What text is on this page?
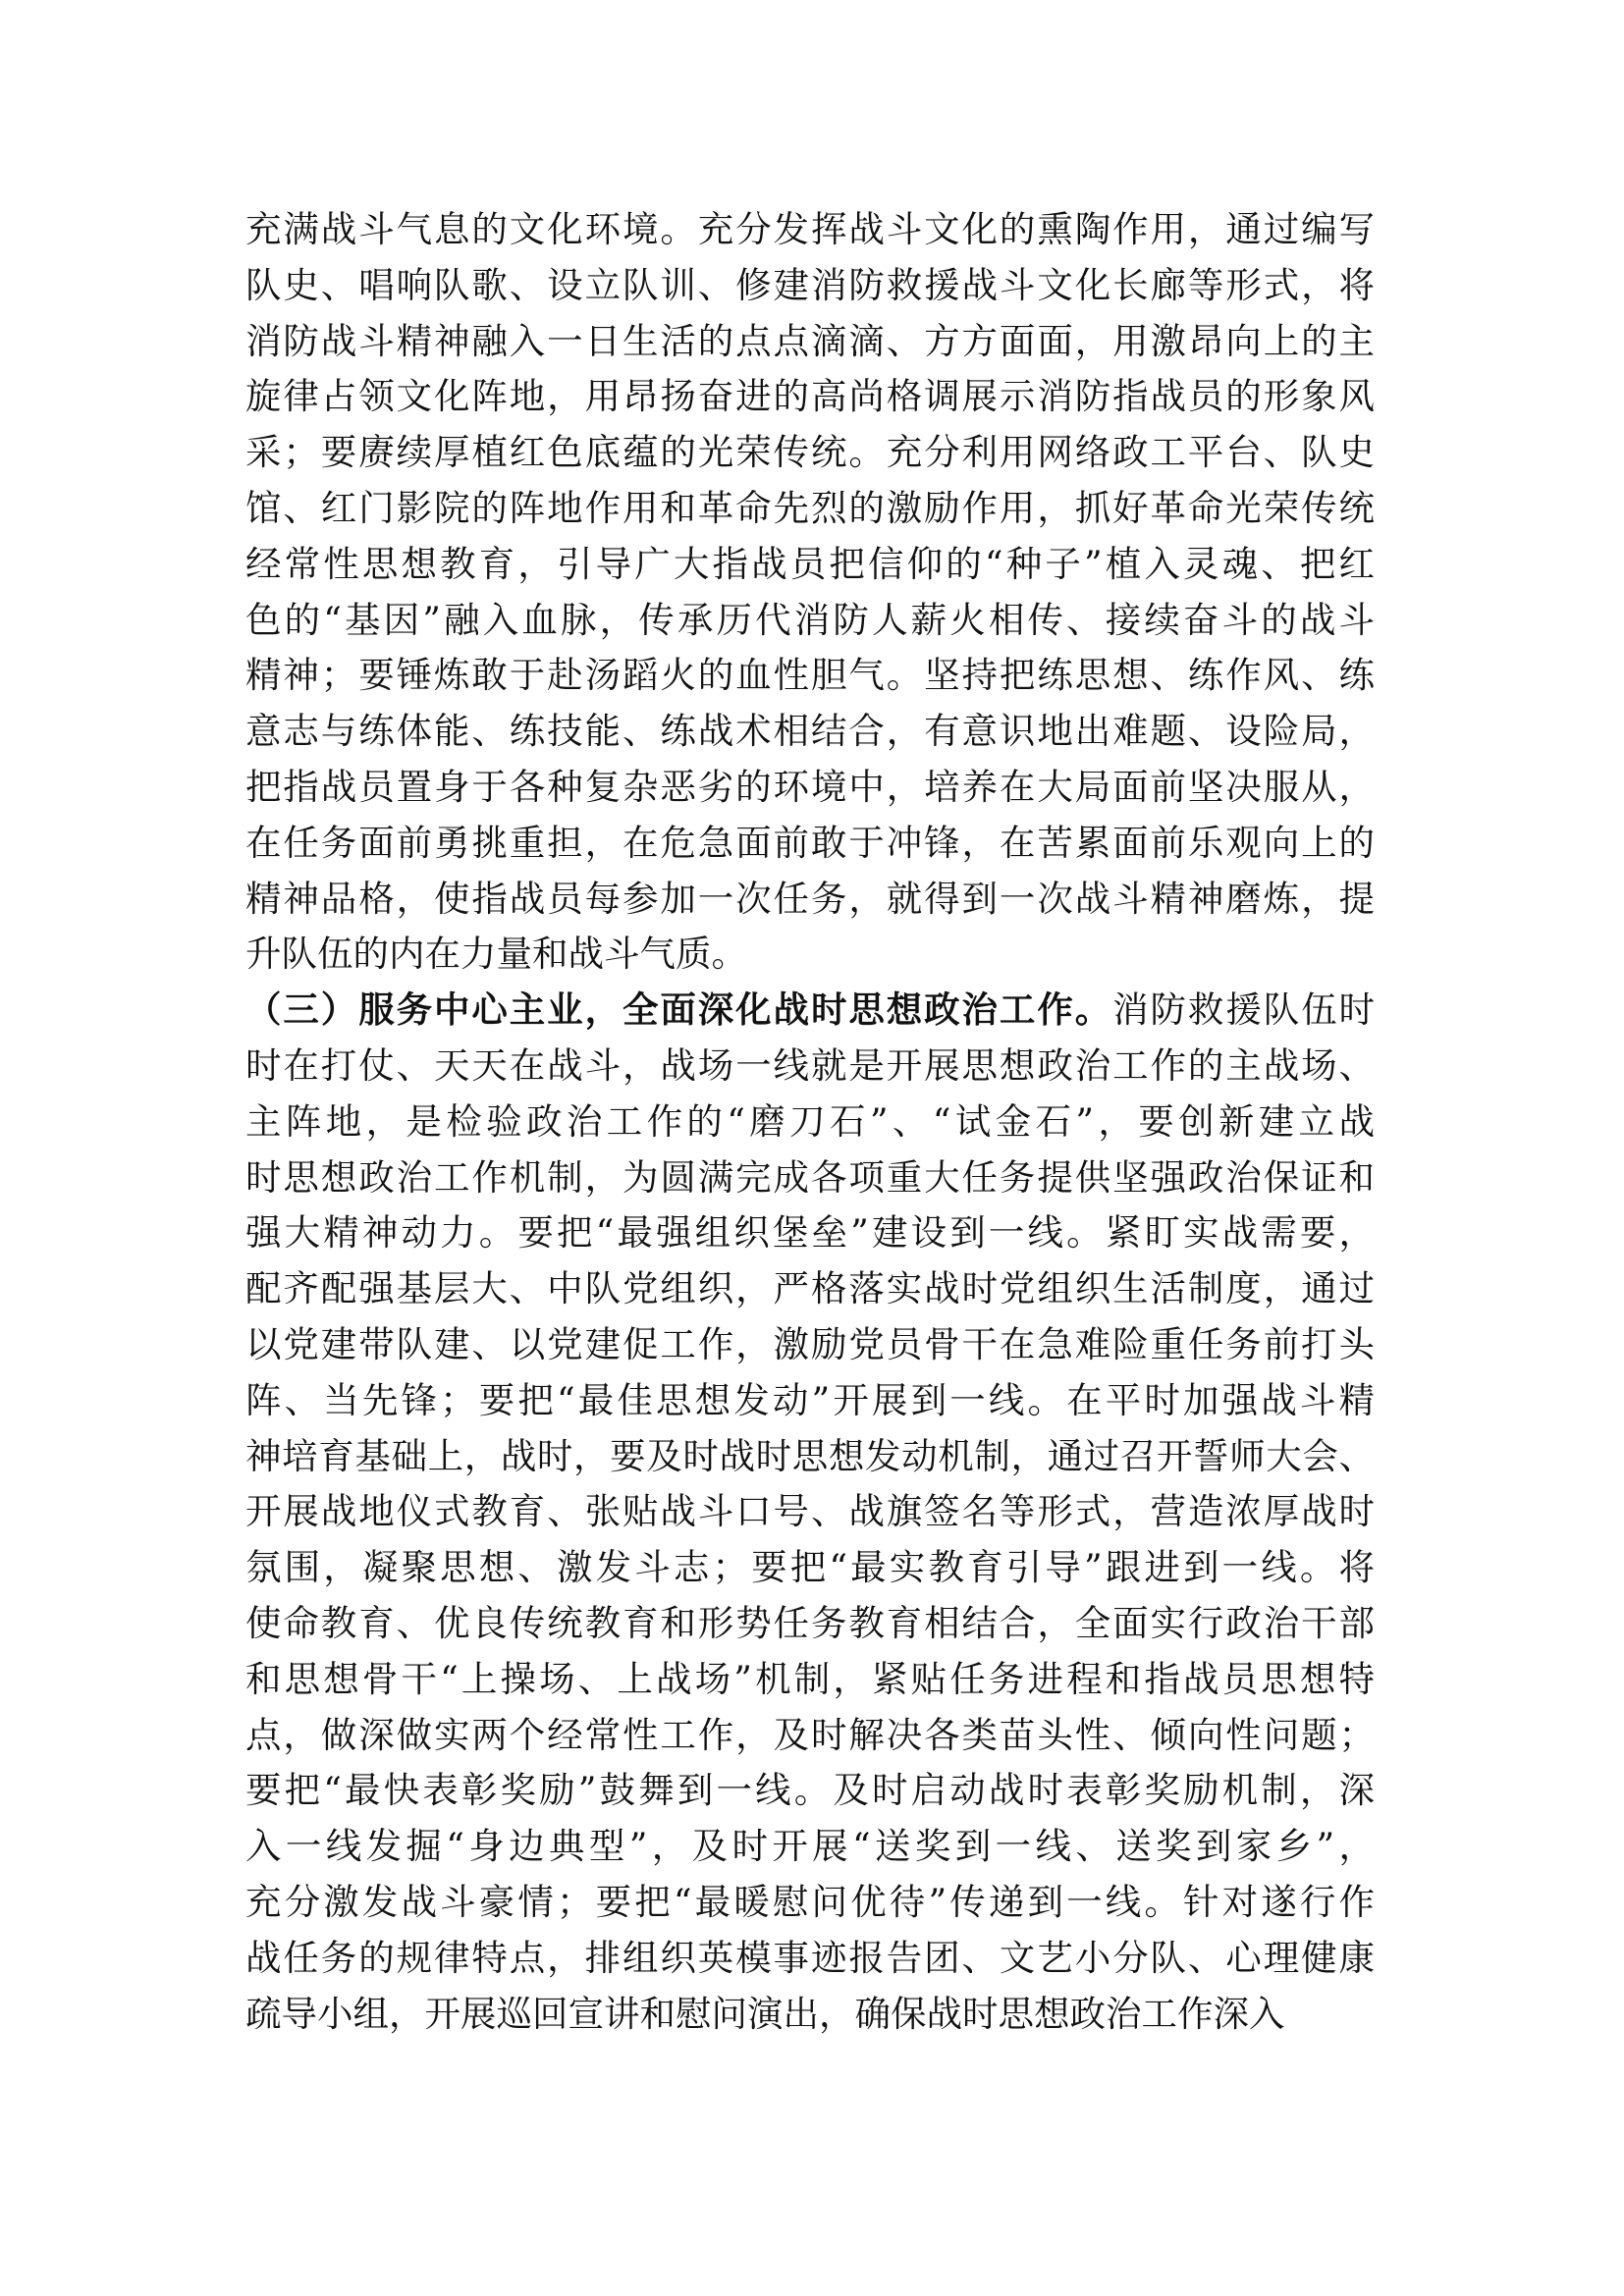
充满战斗气息的文化环境。充分发挥战斗文化的熏陶作用，通过编写
队史、唱响队歌、设立队训、修建消防救援战斗文化长廊等形式，将
消防战斗精神融入一日生活的点点滴滴、方方面面，用激昂向上的主
旋律占领文化阵地，用昂扬奋进的高尚格调展示消防指战员的形象风
采；要赓续厚植红色底蕴的光荣传统。充分利用网络政工平台、队史
馆、红门影院的阵地作用和革命先烈的激励作用，抓好革命光荣传统
经常性思想教育，引导广大指战员把信仰的“种子”植入灵魂、把红
色的“基因”融入血脉，传承历代消防人薪火相传、接续奋斗的战斗
精神；要锤炼敢于赴汤蹈火的血性胆气。坚持把练思想、练作风、练
意志与练体能、练技能、练战术相结合，有意识地出难题、设险局，
把指战员置身于各种复杂恶劣的环境中，培养在大局面前坚决服从，
在任务面前勇挑重担，在危急面前敢于冲锋，在苦累面前乐观向上的
精神品格，使指战员每参加一次任务，就得到一次战斗精神磨炼，提
升队伍的内在力量和战斗气质。
（三）服务中心主业，全面深化战时思想政治工作。消防救援队伍时
时在打仗、天天在战斗，战场一线就是开展思想政治工作的主战场、
主阵地，是检验政治工作的“磨刀石”、“试金石”，要创新建立战
时思想政治工作机制，为圆满完成各项重大任务提供坚强政治保证和
强大精神动力。要把“最强组织堡垒”建设到一线。紧盯实战需要，
配齐配强基层大、中队党组织，严格落实战时党组织生活制度，通过
以党建带队建、以党建促工作，激励党员骨干在急难险重任务前打头
阵、当先锋；要把“最佳思想发动”开展到一线。在平时加强战斗精
神培育基础上，战时，要及时战时思想发动机制，通过召开誓师大会、
开展战地仪式教育、张贴战斗口号、战旗签名等形式，营造浓厚战时
氛围，凝聚思想、激发斗志；要把“最实教育引导”跟进到一线。将
使命教育、优良传统教育和形势任务教育相结合，全面实行政治干部
和思想骨干“上操场、上战场”机制，紧贴任务进程和指战员思想特
点，做深做实两个经常性工作，及时解决各类苗头性、倾向性问题；
要把“最快表彰奖励”鼓舞到一线。及时启动战时表彰奖励机制，深
入一线发掘“身边典型”，及时开展“送奖到一线、送奖到家乡”，
充分激发战斗豪情；要把“最暖慰问优待”传递到一线。针对遂行作
战任务的规律特点，排组织英模事迹报告团、文艺小分队、心理健康
疏导小组，开展巡回宣讲和慰问演出，确保战时思想政治工作深入
